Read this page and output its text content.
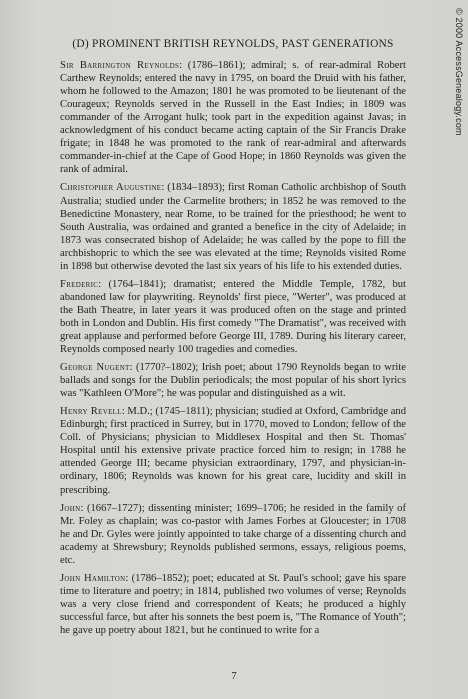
© 2000 AccessGenealogy.com
(D) PROMINENT BRITISH REYNOLDS, PAST GENERATIONS

Sir Barrington Reynolds: (1786–1861); admiral; s. of rear-admiral Robert Carthew Reynolds; entered the navy in 1795, on board the Druid with his father, whom he followed to the Amazon; 1801 he was promoted to be lieutenant of the Courageux; Reynolds served in the Russell in the East Indies; in 1809 was commander of the Arrogant hulk; took part in the expedition against Javas; in acknowledgment of his conduct became acting captain of the Sir Francis Drake frigate; in 1848 he was promoted to the rank of rear-admiral and afterwards commander-in-chief at the Cape of Good Hope; in 1860 Reynolds was given the rank of admiral.

Christopher Augustine: (1834–1893); first Roman Catholic archbishop of South Australia; studied under the Carmelite brothers; in 1852 he was removed to the Benedictine Monastery, near Rome, to be trained for the priesthood; he went to South Australia, was ordained and granted a benefice in the city of Adelaide; in 1873 was consecrated bishop of Adelaide; he was called by the pope to fill the archbishopric to which the see was elevated at the time; Reynolds visited Rome in 1898 but otherwise devoted the last six years of his life to his extended duties.

Frederic: (1764–1841); dramatist; entered the Middle Temple, 1782, but abandoned law for playwriting. Reynolds' first piece, "Werter", was produced at the Bath Theatre, in later years it was produced often on the stage and printed both in London and Dublin. His first comedy "The Dramatist", was received with great applause and performed before George III, 1789. During his literary career, Reynolds composed nearly 100 tragedies and comedies.

George Nugent: (1770?–1802); Irish poet; about 1790 Reynolds began to write ballads and songs for the Dublin periodicals; the most popular of his short lyrics was "Kathleen O'More"; he was popular and distinguished as a wit.

Henry Revell: M.D.; (1745–1811); physician; studied at Oxford, Cambridge and Edinburgh; first practiced in Surrey, but in 1770, moved to London; fellow of the Coll. of Physicians; physician to Middlesex Hospital and then St. Thomas' Hospital until his extensive private practice forced him to resign; in 1788 he attended George III; became physician extraordinary, 1797, and physician-in-ordinary, 1806; Reynolds was known for his great care, lucidity and skill in prescribing.

John: (1667–1727); dissenting minister; 1699–1706; he resided in the family of Mr. Foley as chaplain; was co-pastor with James Forbes at Gloucester; in 1708 he and Dr. Gyles were jointly appointed to take charge of a dissenting church and academy at Shrewsbury; Reynolds published sermons, essays, religious poems, etc.

John Hamilton: (1786–1852); poet; educated at St. Paul's school; gave his spare time to literature and poetry; in 1814, published two volumes of verse; Reynolds was a very close friend and correspondent of Keats; he produced a highly successful farce, but after his sonnets the best poem is, "The Romance of Youth"; he gave up poetry about 1821, but he continued to write for a

7
